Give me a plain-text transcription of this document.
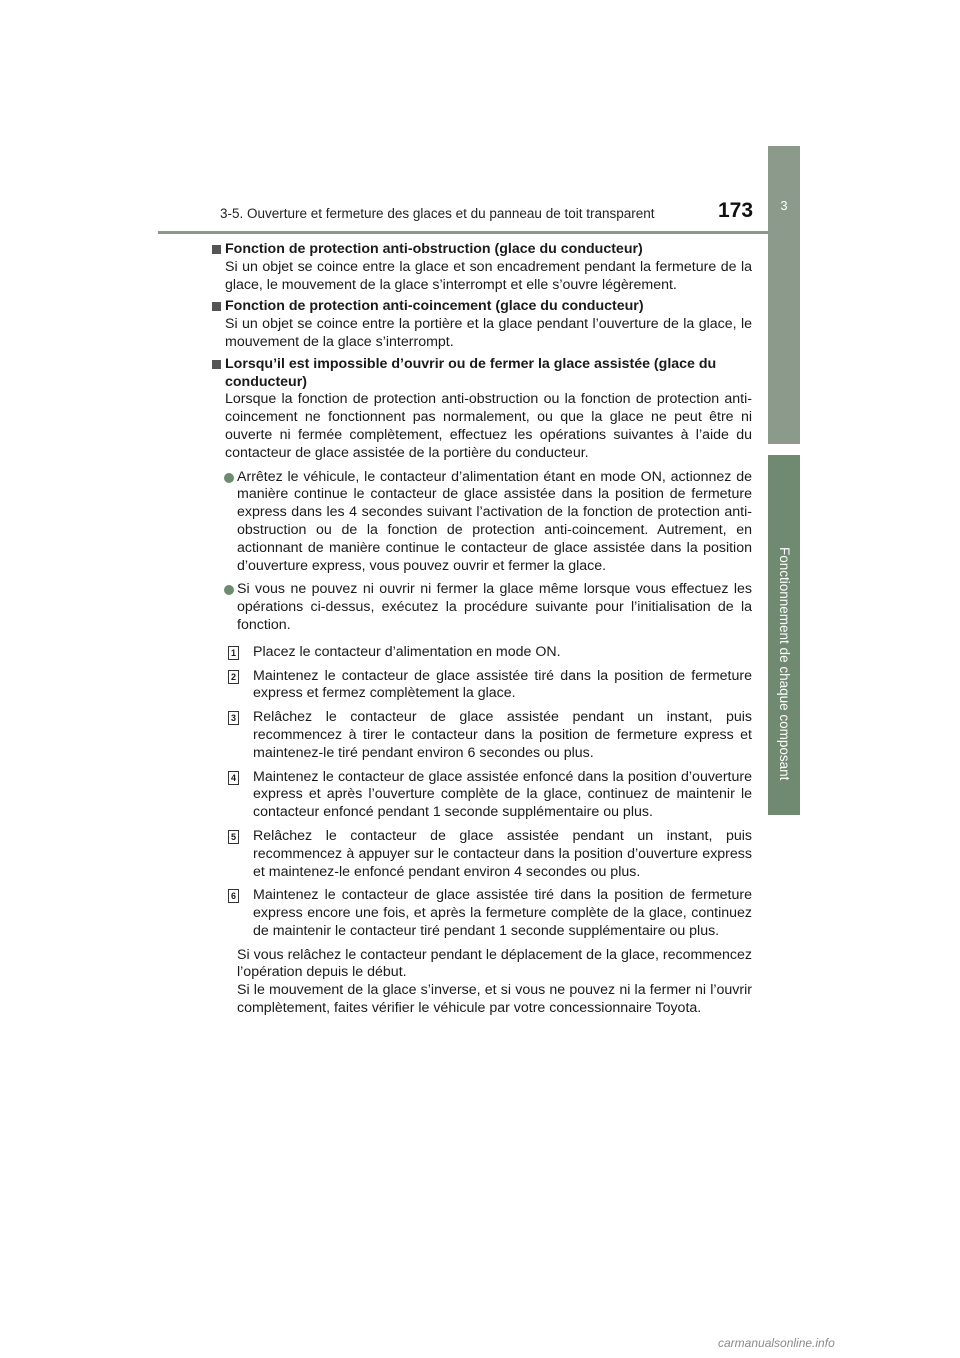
3-5. Ouverture et fermeture des glaces et du panneau de toit transparent	173	3
Fonctionnement de chaque composant
Fonction de protection anti-obstruction (glace du conducteur)
Si un objet se coince entre la glace et son encadrement pendant la fermeture de la glace, le mouvement de la glace s’interrompt et elle s’ouvre légèrement.
Fonction de protection anti-coincement (glace du conducteur)
Si un objet se coince entre la portière et la glace pendant l’ouverture de la glace, le mouvement de la glace s’interrompt.
Lorsqu’il est impossible d’ouvrir ou de fermer la glace assistée (glace du conducteur)
Lorsque la fonction de protection anti-obstruction ou la fonction de protection anti-coincement ne fonctionnent pas normalement, ou que la glace ne peut être ni ouverte ni fermée complètement, effectuez les opérations suivantes à l’aide du contacteur de glace assistée de la portière du conducteur.
Arrêtez le véhicule, le contacteur d’alimentation étant en mode ON, actionnez de manière continue le contacteur de glace assistée dans la position de fermeture express dans les 4 secondes suivant l’activation de la fonction de protection anti-obstruction ou de la fonction de protection anti-coincement. Autrement, en actionnant de manière continue le contacteur de glace assistée dans la position d’ouverture express, vous pouvez ouvrir et fermer la glace.
Si vous ne pouvez ni ouvrir ni fermer la glace même lorsque vous effectuez les opérations ci-dessus, exécutez la procédure suivante pour l’initialisation de la fonction.
1 Placez le contacteur d’alimentation en mode ON.
2 Maintenez le contacteur de glace assistée tiré dans la position de fermeture express et fermez complètement la glace.
3 Relâchez le contacteur de glace assistée pendant un instant, puis recommencez à tirer le contacteur dans la position de fermeture express et maintenez-le tiré pendant environ 6 secondes ou plus.
4 Maintenez le contacteur de glace assistée enfoncé dans la position d’ouverture express et après l’ouverture complète de la glace, continuez de maintenir le contacteur enfoncé pendant 1 seconde supplémentaire ou plus.
5 Relâchez le contacteur de glace assistée pendant un instant, puis recommencez à appuyer sur le contacteur dans la position d’ouverture express et maintenez-le enfoncé pendant environ 4 secondes ou plus.
6 Maintenez le contacteur de glace assistée tiré dans la position de fermeture express encore une fois, et après la fermeture complète de la glace, continuez de maintenir le contacteur tiré pendant 1 seconde supplémentaire ou plus.
Si vous relâchez le contacteur pendant le déplacement de la glace, recommencez l’opération depuis le début.
Si le mouvement de la glace s’inverse, et si vous ne pouvez ni la fermer ni l’ouvrir complètement, faites vérifier le véhicule par votre concessionnaire Toyota.
carmanualsonline.info
